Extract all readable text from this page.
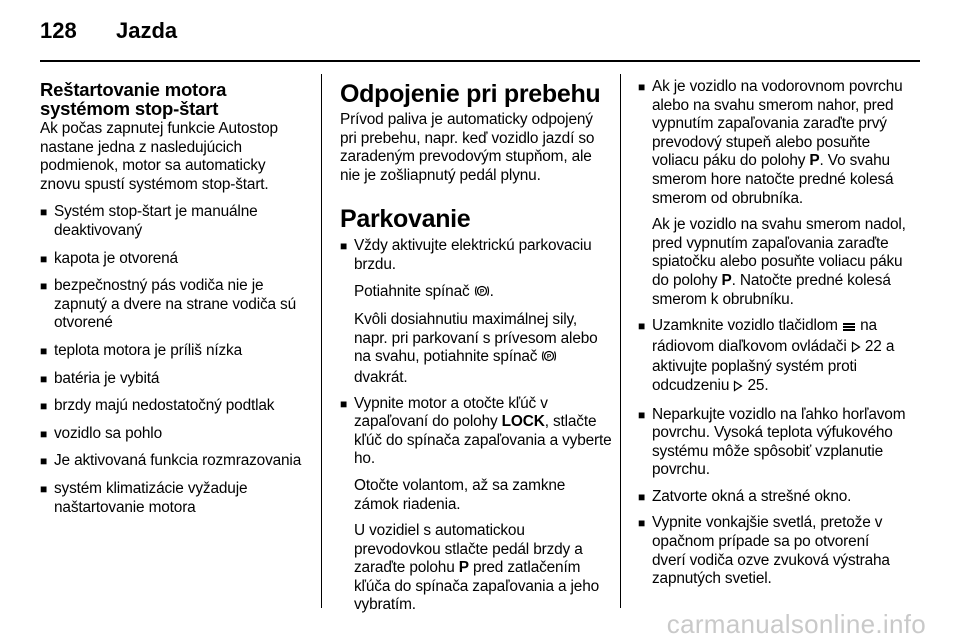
128 Jazda
Reštartovanie motora systémom stop-štart

Ak počas zapnutej funkcie Autostop nastane jedna z nasledujúcich podmienok, motor sa automaticky znovu spustí systémom stop-štart.

■ Systém stop-štart je manuálne deaktivovaný

■ kapota je otvorená

■ bezpečnostný pás vodiča nie je zapnutý a dvere na strane vodiča sú otvorené

■ teplota motora je príliš nízka

■ batéria je vybitá

■ brzdy majú nedostatočný podtlak

■ vozidlo sa pohlo

■ Je aktivovaná funkcia rozmrazovania

■ systém klimatizácie vyžaduje naštartovanie motora

Odpojenie pri prebehu

Prívod paliva je automaticky odpojený pri prebehu, napr. keď vozidlo jazdí so zaradeným prevodovým stupňom, ale nie je zošliapnutý pedál plynu.

Parkovanie
■ Vždy aktivujte elektrickú parkovaciu brzdu.

Potiahnite spínač P .

Kvôli dosiahnutiu maximálnej sily, napr. pri parkovaní s prívesom alebo na svahu, potiahnite spínač P
dvakrát.

■ Vypnite motor a otočte kľúč v zapaľovaní do polohy LOCK, stlačte kľúč do spínača zapaľovania a vyberte ho.

Otočte volantom, až sa zamkne zámok riadenia.

U vozidiel s automatickou prevodovkou stlačte pedál brzdy a zaraďte polohu P pred zatlačením kľúča do spínača zapaľovania a jeho vybratím.

■ Ak je vozidlo na vodorovnom povrchu alebo na svahu smerom nahor, pred vypnutím zapaľovania zaraďte prvý prevodový stupeň alebo posuňte voliacu páku do polohy P. Vo svahu smerom hore natočte predné kolesá smerom od obrubníka.

Ak je vozidlo na svahu smerom nadol, pred vypnutím zapaľovania zaraďte spiatočku alebo posuňte voliacu páku do polohy P. Natočte predné kolesá smerom k obrubníku.

■ Uzamknite vozidlo tlačidlom  na rádiovom diaľkovom ovládači  22 a aktivujte poplašný systém proti odcudzeniu  25.

■ Neparkujte vozidlo na ľahko horľavom povrchu. Vysoká teplota výfukového systému môže spôsobiť vzplanutie povrchu.

■ Zatvorte okná a strešné okno.

■ Vypnite vonkajšie svetlá, pretože v opačnom prípade sa po otvorení dverí vodiča ozve zvuková výstraha zapnutých svetiel.

carmanualsonline.info
